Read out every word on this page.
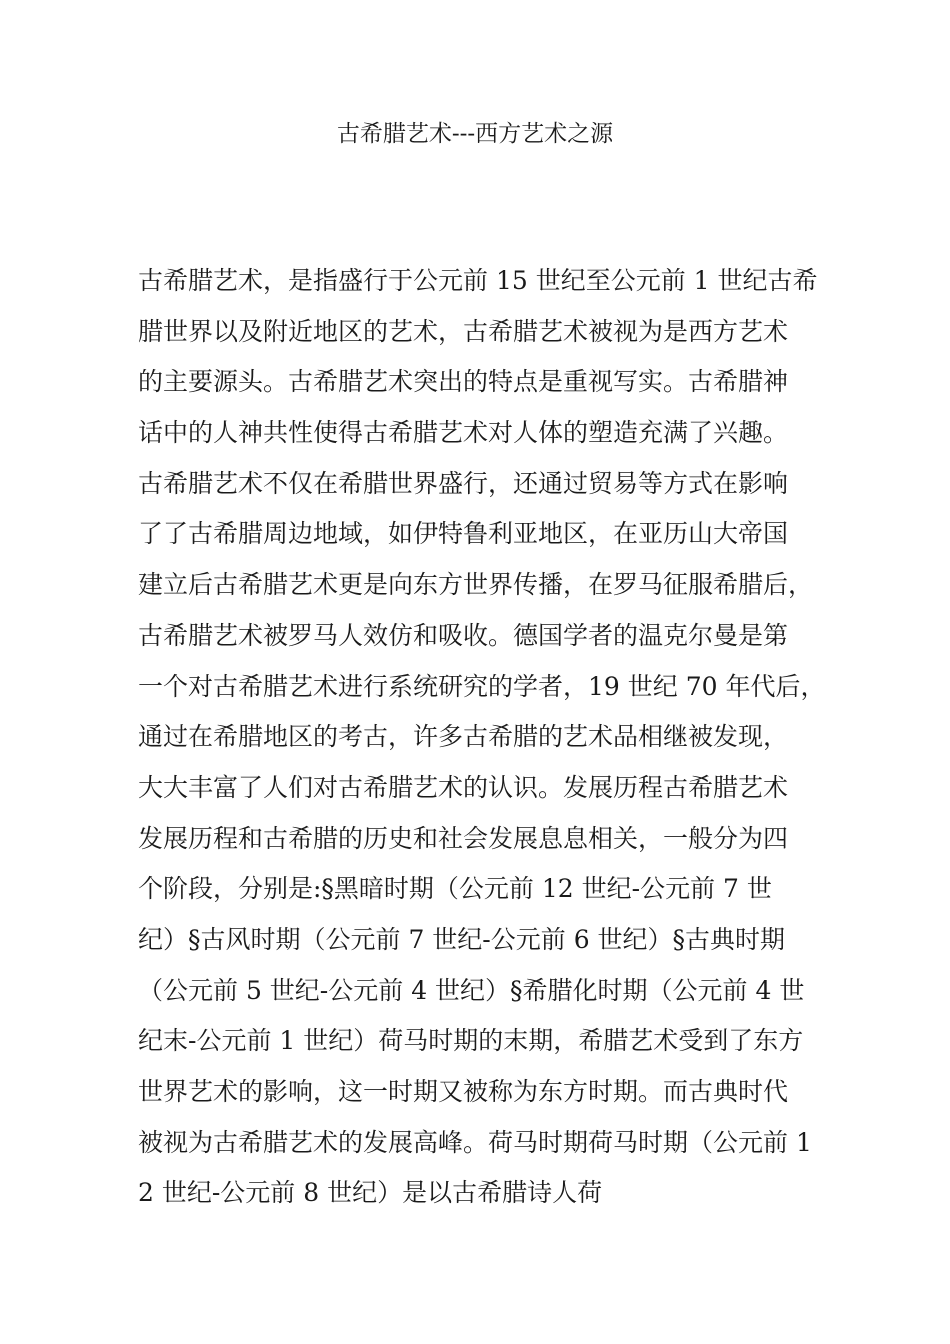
古希腊艺术---西方艺术之源
古希腊艺术，是指盛行于公元前 15 世纪至公元前 1 世纪古希
腊世界以及附近地区的艺术，古希腊艺术被视为是西方艺术
的主要源头。古希腊艺术突出的特点是重视写实。古希腊神
话中的人神共性使得古希腊艺术对人体的塑造充满了兴趣。
古希腊艺术不仅在希腊世界盛行，还通过贸易等方式在影响
了了古希腊周边地域，如伊特鲁利亚地区，在亚历山大帝国
建立后古希腊艺术更是向东方世界传播，在罗马征服希腊后，
古希腊艺术被罗马人效仿和吸收。德国学者的温克尔曼是第
一个对古希腊艺术进行系统研究的学者，19 世纪 70 年代后，
通过在希腊地区的考古，许多古希腊的艺术品相继被发现，
大大丰富了人们对古希腊艺术的认识。发展历程古希腊艺术
发展历程和古希腊的历史和社会发展息息相关，一般分为四
个阶段，分别是:§黑暗时期（公元前 12 世纪-公元前 7 世
纪）§古风时期（公元前 7 世纪-公元前 6 世纪）§古典时期
（公元前 5 世纪-公元前 4 世纪）§希腊化时期（公元前 4 世
纪末-公元前 1 世纪）荷马时期的末期，希腊艺术受到了东方
世界艺术的影响，这一时期又被称为东方时期。而古典时代
被视为古希腊艺术的发展高峰。荷马时期荷马时期（公元前 1
2 世纪-公元前 8 世纪）是以古希腊诗人荷
